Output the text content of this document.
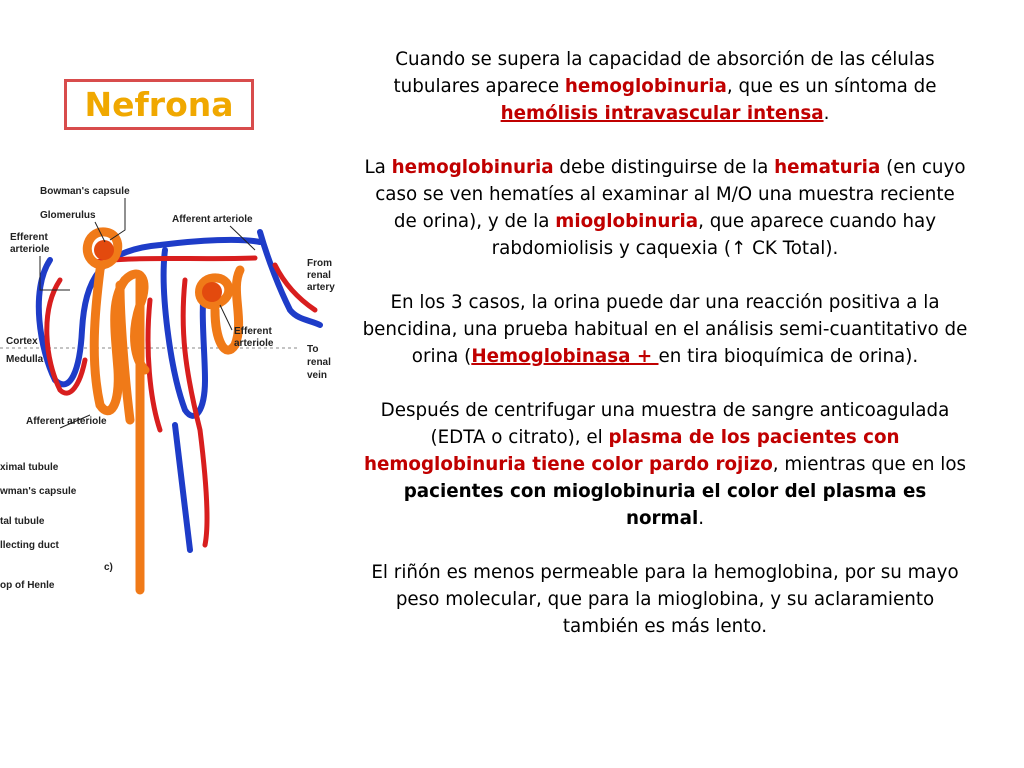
Nefrona
Bowman's capsule
Glomerulus
Efferent
arteriole
Afferent arteriole
From
renal
artery
Efferent
arteriole
Cortex
Medulla
To
renal
vein
Afferent arteriole
ximal tubule
wman's capsule
tal tubule
llecting duct
c)
op of Henle

Cuando se supera la capacidad de absorción de las células tubulares aparece hemoglobinuria, que es un síntoma de hemólisis intravascular intensa.

La hemoglobinuria debe distinguirse de la hematuria (en cuyo caso se ven hematíes al examinar al M/O una muestra reciente de orina), y de la mioglobinuria, que aparece cuando hay rabdomiolisis y caquexia (↑ CK Total).

En los 3 casos, la orina puede dar una reacción positiva a la bencidina, una prueba habitual en el análisis semi-cuantitativo de orina (Hemoglobinasa + en tira bioquímica de orina).

Después de centrifugar una muestra de sangre anticoagulada (EDTA o citrato), el plasma de los pacientes con hemoglobinuria tiene color pardo rojizo, mientras que en los pacientes con mioglobinuria el color del plasma es normal.

El riñón es menos permeable para la hemoglobina, por su mayo peso molecular, que para la mioglobina, y su aclaramiento también es más lento.
